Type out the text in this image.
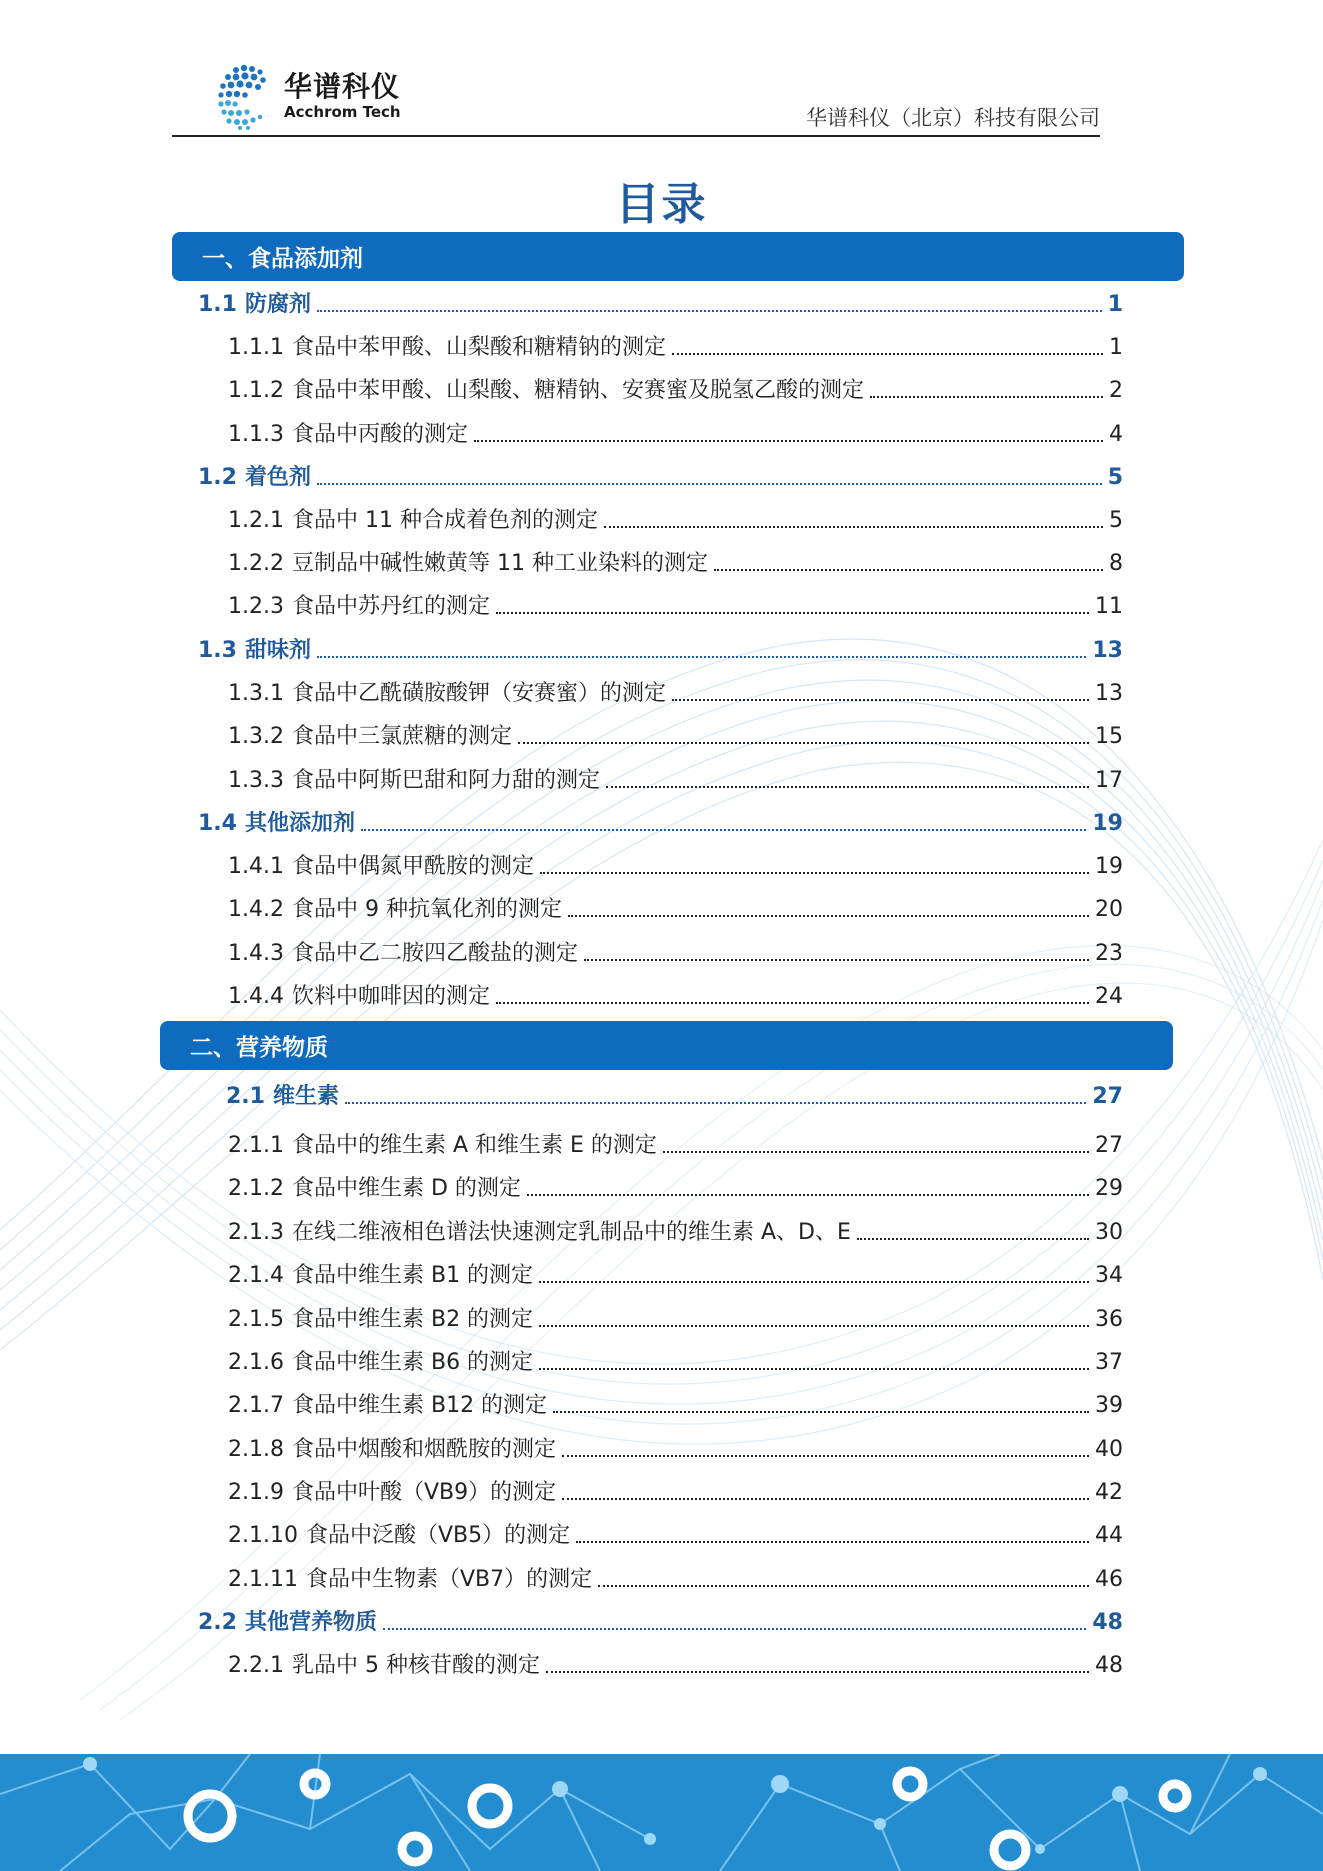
华谱科仪
Acchrom Tech	华谱科仪（北京）科技有限公司
目录
一、食品添加剂
1.1 防腐剂	1
1.1.1 食品中苯甲酸、山梨酸和糖精钠的测定	1
1.1.2 食品中苯甲酸、山梨酸、糖精钠、安赛蜜及脱氢乙酸的测定	2
1.1.3 食品中丙酸的测定	4
1.2 着色剂	5
1.2.1 食品中 11 种合成着色剂的测定	5
1.2.2 豆制品中碱性嫩黄等 11 种工业染料的测定	8
1.2.3 食品中苏丹红的测定	11
1.3 甜味剂	13
1.3.1 食品中乙酰磺胺酸钾（安赛蜜）的测定	13
1.3.2 食品中三氯蔗糖的测定	15
1.3.3 食品中阿斯巴甜和阿力甜的测定	17
1.4 其他添加剂	19
1.4.1 食品中偶氮甲酰胺的测定	19
1.4.2 食品中 9 种抗氧化剂的测定	20
1.4.3 食品中乙二胺四乙酸盐的测定	23
1.4.4 饮料中咖啡因的测定	24
二、营养物质
2.1 维生素	27
2.1.1 食品中的维生素 A 和维生素 E 的测定	27
2.1.2 食品中维生素 D 的测定	29
2.1.3 在线二维液相色谱法快速测定乳制品中的维生素 A、D、E	30
2.1.4 食品中维生素 B1 的测定	34
2.1.5 食品中维生素 B2 的测定	36
2.1.6 食品中维生素 B6 的测定	37
2.1.7 食品中维生素 B12 的测定	39
2.1.8 食品中烟酸和烟酰胺的测定	40
2.1.9 食品中叶酸（VB9）的测定	42
2.1.10 食品中泛酸（VB5）的测定	44
2.1.11 食品中生物素（VB7）的测定	46
2.2 其他营养物质	48
2.2.1 乳品中 5 种核苷酸的测定	48
